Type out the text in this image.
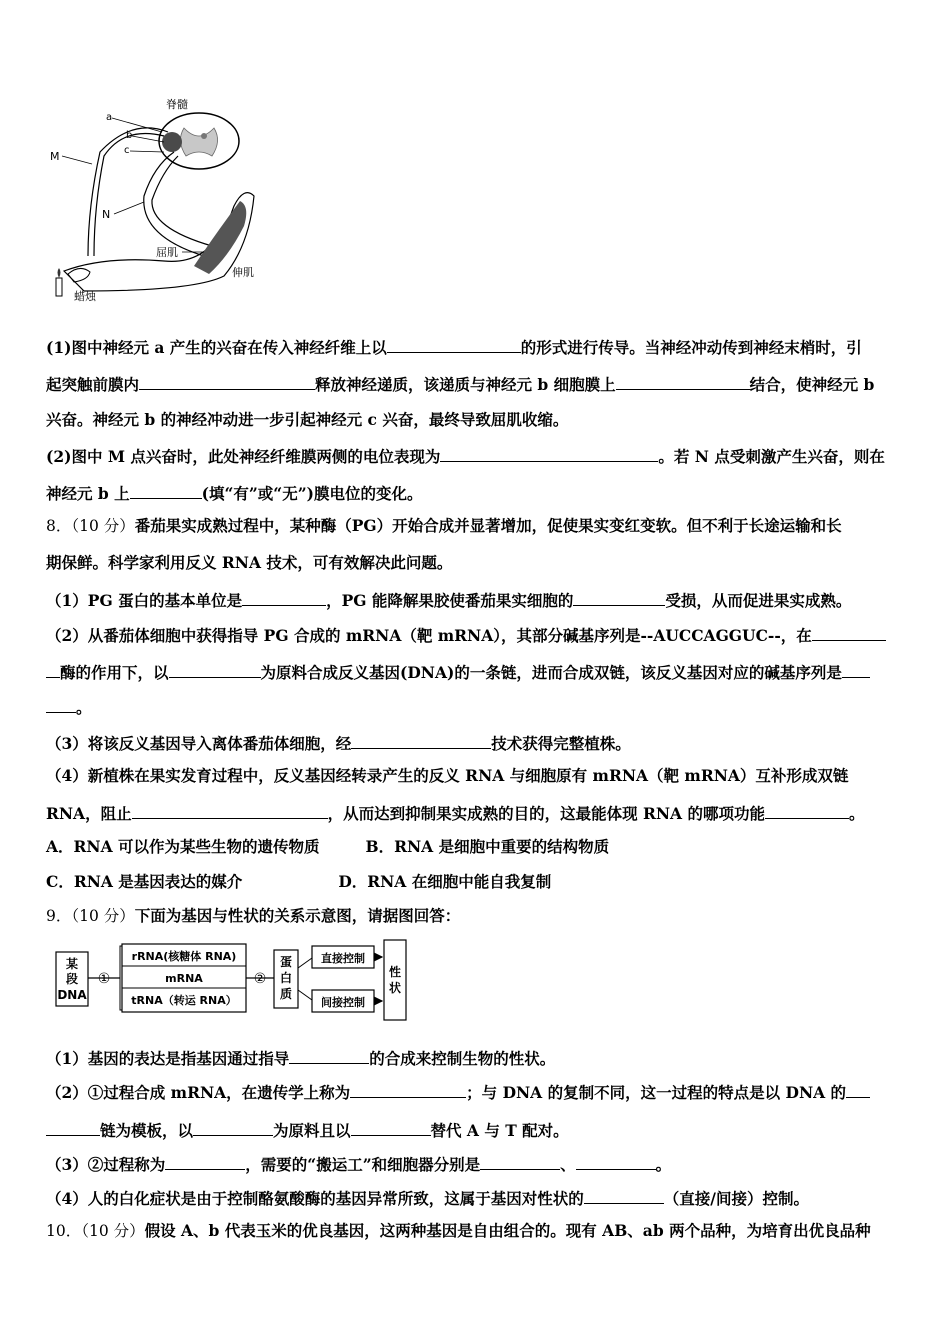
a
b
c
脊髓
M
N
屈肌
伸肌
蜡烛
(1)图中神经元 a 产生的兴奋在传入神经纤维上以	的形式进行传导。当神经冲动传到神经末梢时，引
起突触前膜内	释放神经递质，该递质与神经元 b 细胞膜上	结合，使神经元 b
兴奋。神经元 b 的神经冲动进一步引起神经元 c 兴奋，最终导致屈肌收缩。
(2)图中 M 点兴奋时，此处神经纤维膜两侧的电位表现为	。若 N 点受刺激产生兴奋，则在
神经元 b 上	(填“有”或“无”)膜电位的变化。
8．（10 分）番茄果实成熟过程中，某种酶（PG）开始合成并显著增加，促使果实变红变软。但不利于长途运输和长
期保鲜。科学家利用反义 RNA 技术，可有效解决此问题。
（1）PG 蛋白的基本单位是	，PG 能降解果胶使番茄果实细胞的	受损，从而促进果实成熟。
（2）从番茄体细胞中获得指导 PG 合成的 mRNA（靶 mRNA），其部分碱基序列是--AUCCAGGUC--，在
酶的作用下，以	为原料合成反义基因(DNA)的一条链，进而合成双链，该反义基因对应的碱基序列是
。
（3）将该反义基因导入离体番茄体细胞，经	技术获得完整植株。
（4）新植株在果实发育过程中，反义基因经转录产生的反义 RNA 与细胞原有 mRNA（靶 mRNA）互补形成双链
RNA，阻止	，从而达到抑制果实成熟的目的，这最能体现 RNA 的哪项功能	。
A．RNA 可以作为某些生物的遗传物质	B．RNA 是细胞中重要的结构物质
C．RNA 是基因表达的媒介	D．RNA 在细胞中能自我复制
9．（10 分）下面为基因与性状的关系示意图，请据图回答：
某
段
DNA
①
rRNA(核糖体 RNA)
mRNA
tRNA（转运 RNA）
②
蛋
白
质
直接控制
间接控制
性
状
（1）基因的表达是指基因通过指导	的合成来控制生物的性状。
（2）①过程合成 mRNA，在遗传学上称为	；与 DNA 的复制不同，这一过程的特点是以 DNA 的
链为模板，以	为原料且以	替代 A 与 T 配对。
（3）②过程称为	，需要的“搬运工”和细胞器分别是	、	。
（4）人的白化症状是由于控制酪氨酸酶的基因异常所致，这属于基因对性状的	（直接/间接）控制。
10．（10 分）假设 A、b 代表玉米的优良基因，这两种基因是自由组合的。现有 AB、ab 两个品种，为培育出优良品种
